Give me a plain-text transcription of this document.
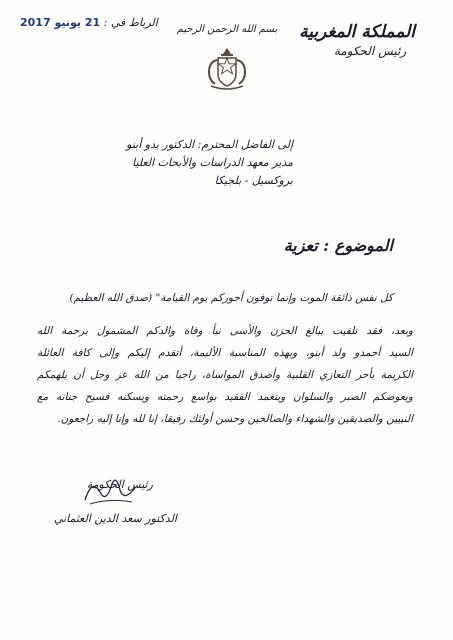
المملكة المغربية
رئيس الحكومة
بسم الله الرحمن الرحيم
الرباط في : 21 يونيو 2017
إلى الفاضل المحترم: الدكتور بدو أبنو
مدير معهد الدراسات والأبحاث العليا
بروكسيل - بلجيكا
الموضوع : تعزية
كل نفس ذائقة الموت وإنما توفون أجوركم يوم القيامة" (صدق الله العظيم)
وبعد، فقد تلقيت ببالغ الحزن والأسى نبأ وفاة والدكم المشمول برحمة الله
السيد أحمدو ولد أبنو، وبهذه المناسبة الأليمة، أتقدم إليكم وإلى كافة العائلة
الكريمة بأحر التعازي القلبية وأصدق المواساة، راجيا من الله عز وجل أن يلهمكم
ويعوضكم الصبر والسلوان ويتغمد الفقيد بواسع رحمته ويسكنه فسيح جنانه مع
النبيين والصديقين والشهداء والصالحين وحسن أولئك رفيقا، إنا لله وإنا إليه راجعون.
رئيس الحكومة
الدكتور سعد الدين العثماني
